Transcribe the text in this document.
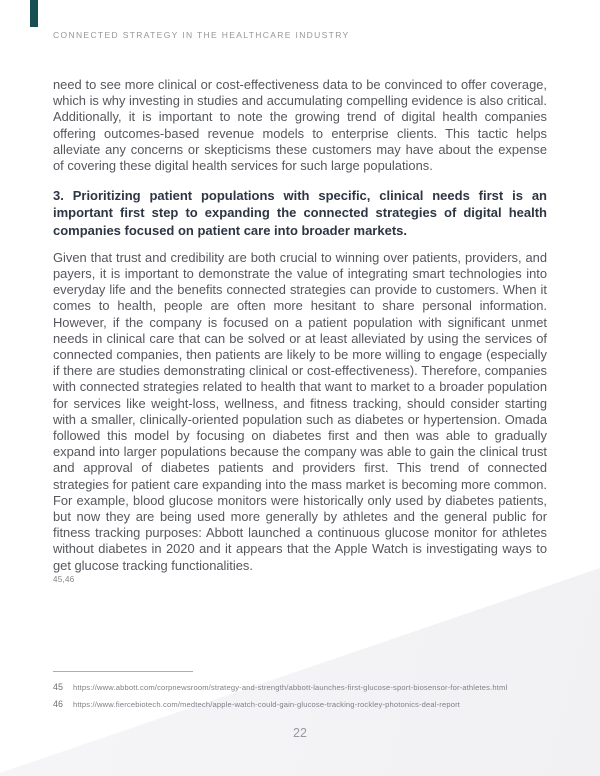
CONNECTED STRATEGY IN THE HEALTHCARE INDUSTRY

need to see more clinical or cost-effectiveness data to be convinced to offer coverage, which is why investing in studies and accumulating compelling evidence is also critical. Additionally, it is important to note the growing trend of digital health companies offering outcomes-based revenue models to enterprise clients. This tactic helps alleviate any concerns or skepticisms these customers may have about the expense of covering these digital health services for such large populations.

3. Prioritizing patient populations with specific, clinical needs first is an important first step to expanding the connected strategies of digital health companies focused on patient care into broader markets.

Given that trust and credibility are both crucial to winning over patients, providers, and payers, it is important to demonstrate the value of integrating smart technologies into everyday life and the benefits connected strategies can provide to customers. When it comes to health, people are often more hesitant to share personal information. However, if the company is focused on a patient population with significant unmet needs in clinical care that can be solved or at least alleviated by using the services of connected companies, then patients are likely to be more willing to engage (especially if there are studies demonstrating clinical or cost-effectiveness). Therefore, companies with connected strategies related to health that want to market to a broader population for services like weight-loss, wellness, and fitness tracking, should consider starting with a smaller, clinically-oriented population such as diabetes or hypertension. Omada followed this model by focusing on diabetes first and then was able to gradually expand into larger populations because the company was able to gain the clinical trust and approval of diabetes patients and providers first. This trend of connected strategies for patient care expanding into the mass market is becoming more common. For example, blood glucose monitors were historically only used by diabetes patients, but now they are being used more generally by athletes and the general public for fitness tracking purposes: Abbott launched a continuous glucose monitor for athletes without diabetes in 2020 and it appears that the Apple Watch is investigating ways to get glucose tracking functionalities.

45,46
45	https://www.abbott.com/corpnewsroom/strategy-and-strength/abbott-launches-first-glucose-sport-biosensor-for-athletes.html
46	https://www.fiercebiotech.com/medtech/apple-watch-could-gain-glucose-tracking-rockley-photonics-deal-report
22
